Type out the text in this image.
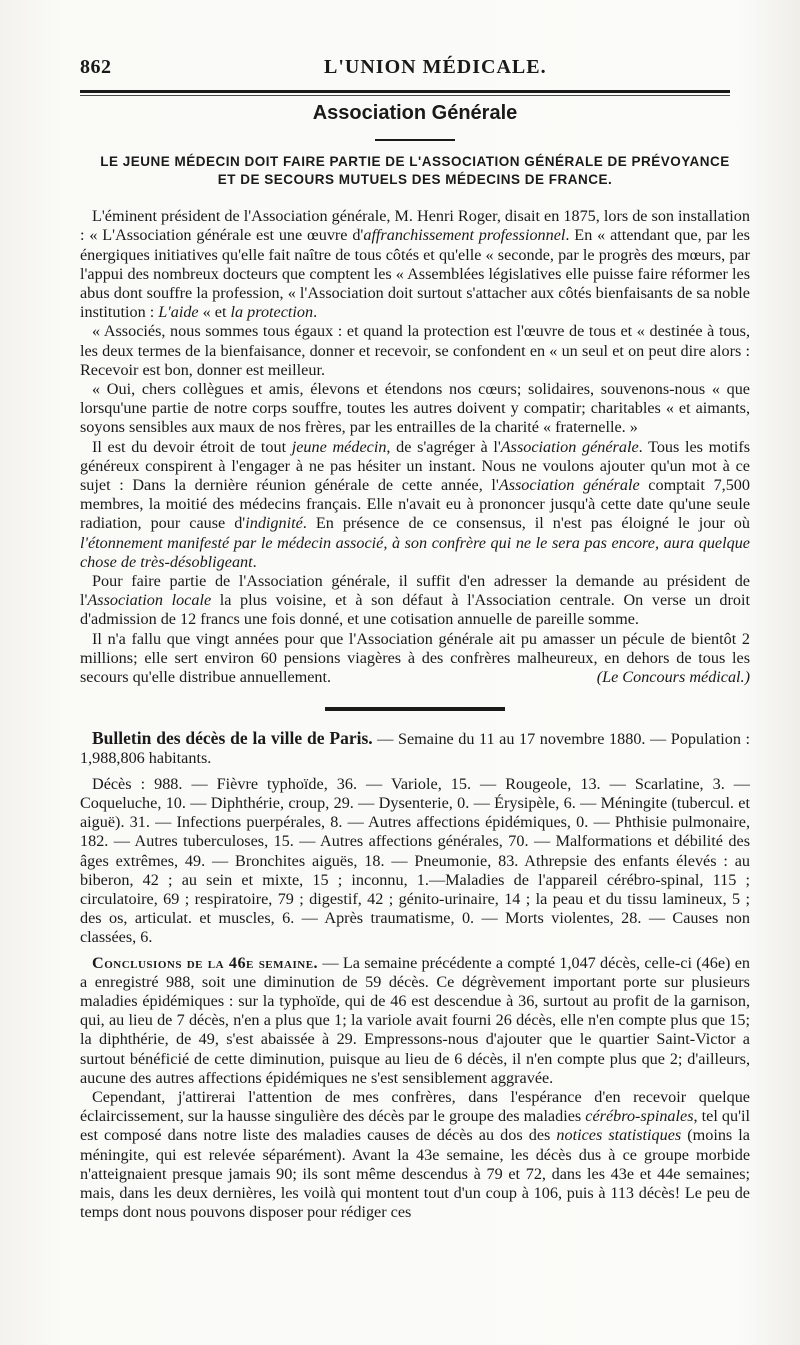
862	L'UNION MÉDICALE.
Association Générale
LE JEUNE MÉDECIN DOIT FAIRE PARTIE DE L'ASSOCIATION GÉNÉRALE DE PRÉVOYANCE
ET DE SECOURS MUTUELS DES MÉDECINS DE FRANCE.

L'éminent président de l'Association générale, M. Henri Roger, disait en 1875, lors de son installation : « L'Association générale est une œuvre d'affranchissement professionnel. En « attendant que, par les énergiques initiatives qu'elle fait naître de tous côtés et qu'elle « seconde, par le progrès des mœurs, par l'appui des nombreux docteurs que comptent les « Assemblées législatives elle puisse faire réformer les abus dont souffre la profession, « l'Association doit surtout s'attacher aux côtés bienfaisants de sa noble institution : L'aide « et la protection.

« Associés, nous sommes tous égaux : et quand la protection est l'œuvre de tous et « destinée à tous, les deux termes de la bienfaisance, donner et recevoir, se confondent en « un seul et on peut dire alors : Recevoir est bon, donner est meilleur.

« Oui, chers collègues et amis, élevons et étendons nos cœurs; solidaires, souvenons-nous « que lorsqu'une partie de notre corps souffre, toutes les autres doivent y compatir; charitables « et aimants, soyons sensibles aux maux de nos frères, par les entrailles de la charité « fraternelle. »

Il est du devoir étroit de tout jeune médecin, de s'agréger à l'Association générale. Tous les motifs généreux conspirent à l'engager à ne pas hésiter un instant. Nous ne voulons ajouter qu'un mot à ce sujet : Dans la dernière réunion générale de cette année, l'Association générale comptait 7,500 membres, la moitié des médecins français. Elle n'avait eu à prononcer jusqu'à cette date qu'une seule radiation, pour cause d'indignité. En présence de ce consensus, il n'est pas éloigné le jour où l'étonnement manifesté par le médecin associé, à son confrère qui ne le sera pas encore, aura quelque chose de très-désobligeant.

Pour faire partie de l'Association générale, il suffit d'en adresser la demande au président de l'Association locale la plus voisine, et à son défaut à l'Association centrale. On verse un droit d'admission de 12 francs une fois donné, et une cotisation annuelle de pareille somme.

Il n'a fallu que vingt années pour que l'Association générale ait pu amasser un pécule de bientôt 2 millions; elle sert environ 60 pensions viagères à des confrères malheureux, en dehors de tous les secours qu'elle distribue annuellement.	(Le Concours médical.)

Bulletin des décès de la ville de Paris. — Semaine du 11 au 17 novembre 1880. — Population : 1,988,806 habitants.

Décès : 988. — Fièvre typhoïde, 36. — Variole, 15. — Rougeole, 13. — Scarlatine, 3. — Coqueluche, 10. — Diphthérie, croup, 29. — Dysenterie, 0. — Érysipèle, 6. — Méningite (tubercul. et aiguë). 31. — Infections puerpérales, 8. — Autres affections épidémiques, 0. — Phthisie pulmonaire, 182. — Autres tuberculoses, 15. — Autres affections générales, 70. — Malformations et débilité des âges extrêmes, 49. — Bronchites aiguës, 18. — Pneumonie, 83. Athrepsie des enfants élevés : au biberon, 42 ; au sein et mixte, 15 ; inconnu, 1.—Maladies de l'appareil cérébro-spinal, 115 ; circulatoire, 69 ; respiratoire, 79 ; digestif, 42 ; génito-urinaire, 14 ; la peau et du tissu lamineux, 5 ; des os, articulat. et muscles, 6. — Après traumatisme, 0. — Morts violentes, 28. — Causes non classées, 6.

Conclusions de la 46e semaine. — La semaine précédente a compté 1,047 décès, celle-ci (46e) en a enregistré 988, soit une diminution de 59 décès. Ce dégrèvement important porte sur plusieurs maladies épidémiques : sur la typhoïde, qui de 46 est descendue à 36, surtout au profit de la garnison, qui, au lieu de 7 décès, n'en a plus que 1; la variole avait fourni 26 décès, elle n'en compte plus que 15; la diphthérie, de 49, s'est abaissée à 29. Empressons-nous d'ajouter que le quartier Saint-Victor a surtout bénéficié de cette diminution, puisque au lieu de 6 décès, il n'en compte plus que 2; d'ailleurs, aucune des autres affections épidémiques ne s'est sensiblement aggravée.

Cependant, j'attirerai l'attention de mes confrères, dans l'espérance d'en recevoir quelque éclaircissement, sur la hausse singulière des décès par le groupe des maladies cérébro-spinales, tel qu'il est composé dans notre liste des maladies causes de décès au dos des notices statistiques (moins la méningite, qui est relevée séparément). Avant la 43e semaine, les décès dus à ce groupe morbide n'atteignaient presque jamais 90; ils sont même descendus à 79 et 72, dans les 43e et 44e semaines; mais, dans les deux dernières, les voilà qui montent tout d'un coup à 106, puis à 113 décès! Le peu de temps dont nous pouvons disposer pour rédiger ces
